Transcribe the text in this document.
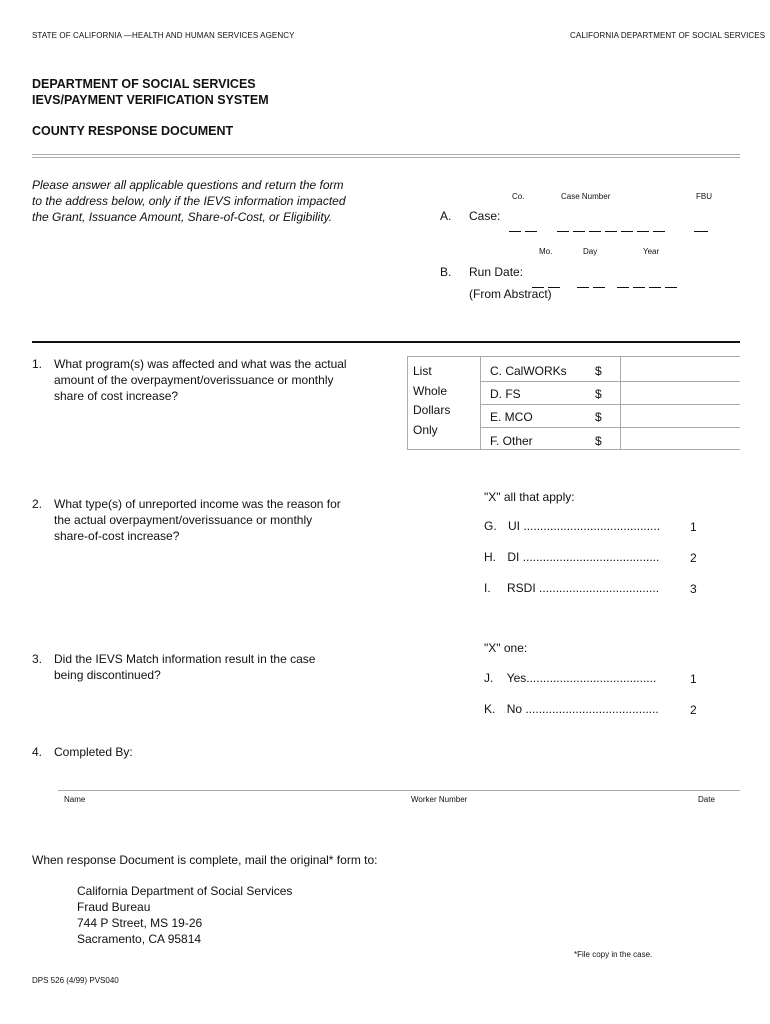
STATE OF CALIFORNIA —HEALTH AND HUMAN SERVICES AGENCY	CALIFORNIA DEPARTMENT OF SOCIAL SERVICES
DEPARTMENT OF SOCIAL SERVICES
IEVS/PAYMENT VERIFICATION SYSTEM
COUNTY RESPONSE DOCUMENT
Please answer all applicable questions and return the form
to the address below, only if the IEVS information impacted
the Grant, Issuance Amount, Share-of-Cost, or Eligibility.
Co.	Case Number	FBU
A. Case:
Mo.	Day	Year
B. Run Date:
(From Abstract)
1. What program(s) was affected and what was the actual
amount of the overpayment/overissuance or monthly
share of cost increase?
List
Whole
Dollars
Only
C. CalWORKs $
D. FS	$
E. MCO	$
F. Other	$
2. What type(s) of unreported income was the reason for
the actual overpayment/overissuance or monthly
share-of-cost increase?
"X" all that apply:
G. UI ......................................... 1
H. DI .........................................	2
I. RSDI ....................................	3
3. Did the IEVS Match information result in the case
being discontinued?
"X" one:
J. Yes.......................................	1
K. No ........................................	2
4. Completed By:
Name	Worker Number	Date
When response Document is complete, mail the original* form to:
California Department of Social Services
Fraud Bureau
744 P Street, MS 19-26
Sacramento, CA 95814
*File copy in the case.
DPS 526 (4/99) PVS040
